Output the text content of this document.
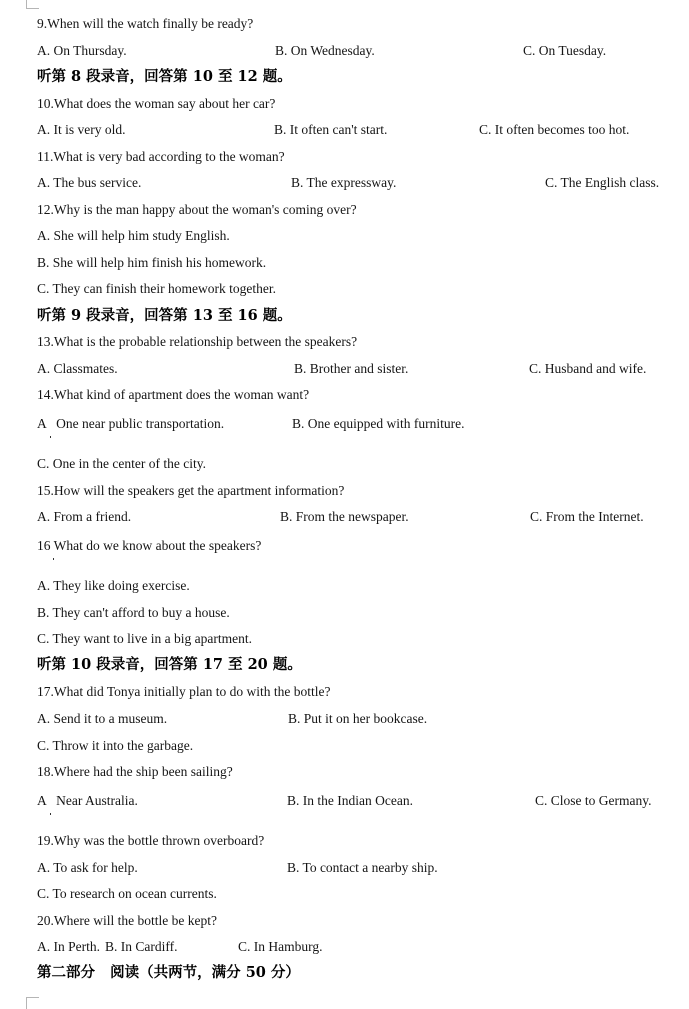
9.When will the watch finally be ready?
A. On Thursday.	B. On Wednesday.	C. On Tuesday.
听第 8 段录音，回答第 10 至 12 题。
10.What does the woman say about her car?
A. It is very old.	B. It often can't start.	C. It often becomes too hot.
11.What is very bad according to the woman?
A. The bus service.	B. The expressway.	C. The English class.
12.Why is the man happy about the woman's coming over?
A. She will help him study English.
B. She will help him finish his homework.
C. They can finish their homework together.
听第 9 段录音，回答第 13 至 16 题。
13.What is the probable relationship between the speakers?
A. Classmates.	B. Brother and sister.	C. Husband and wife.
14.What kind of apartment does the woman want?
A   One near public transportation.	B. One equipped with furniture.
C. One in the center of the city.
15.How will the speakers get the apartment information?
A. From a friend.	B. From the newspaper.	C. From the Internet.
16 What do we know about the speakers?
A. They like doing exercise.
B. They can't afford to buy a house.
C. They want to live in a big apartment.
听第 10 段录音，回答第 17 至 20 题。
17.What did Tonya initially plan to do with the bottle?
A. Send it to a museum.	B. Put it on her bookcase.
C. Throw it into the garbage.
18.Where had the ship been sailing?
A   Near Australia.	B. In the Indian Ocean.	C. Close to Germany.
19.Why was the bottle thrown overboard?
A. To ask for help.	B. To contact a nearby ship.
C. To research on ocean currents.
20.Where will the bottle be kept?
A. In Perth. B. In Cardiff.	C. In Hamburg.
第二部分   阅读（共两节，满分 50 分）
